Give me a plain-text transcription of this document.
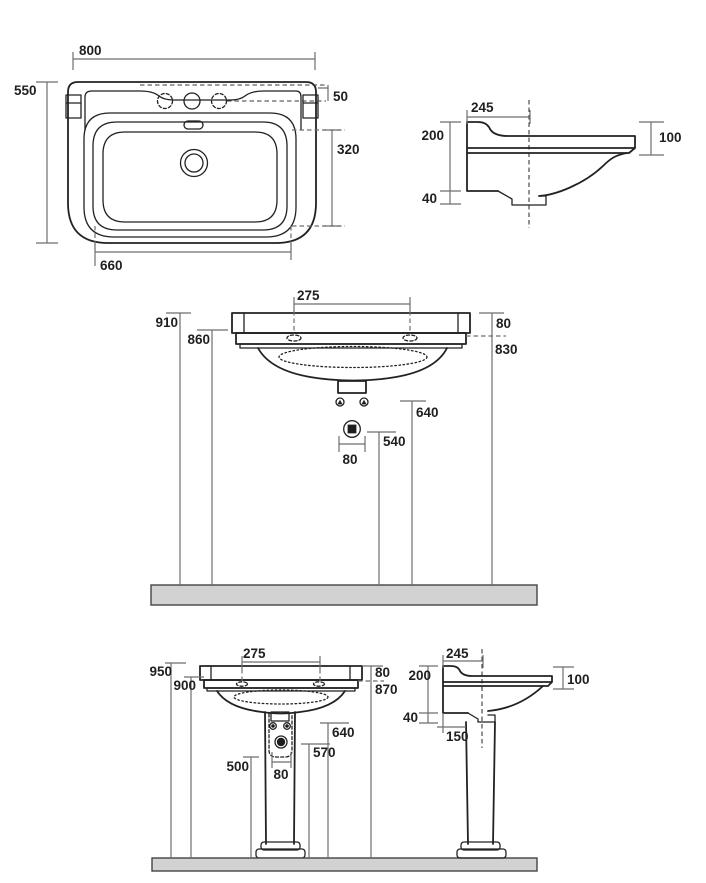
800
550	50
320
660
245
200
40
100
275
910
860
80
830
640
540
80
275
950
900
80
870
640
570
500
80
245
200
40
100
150
